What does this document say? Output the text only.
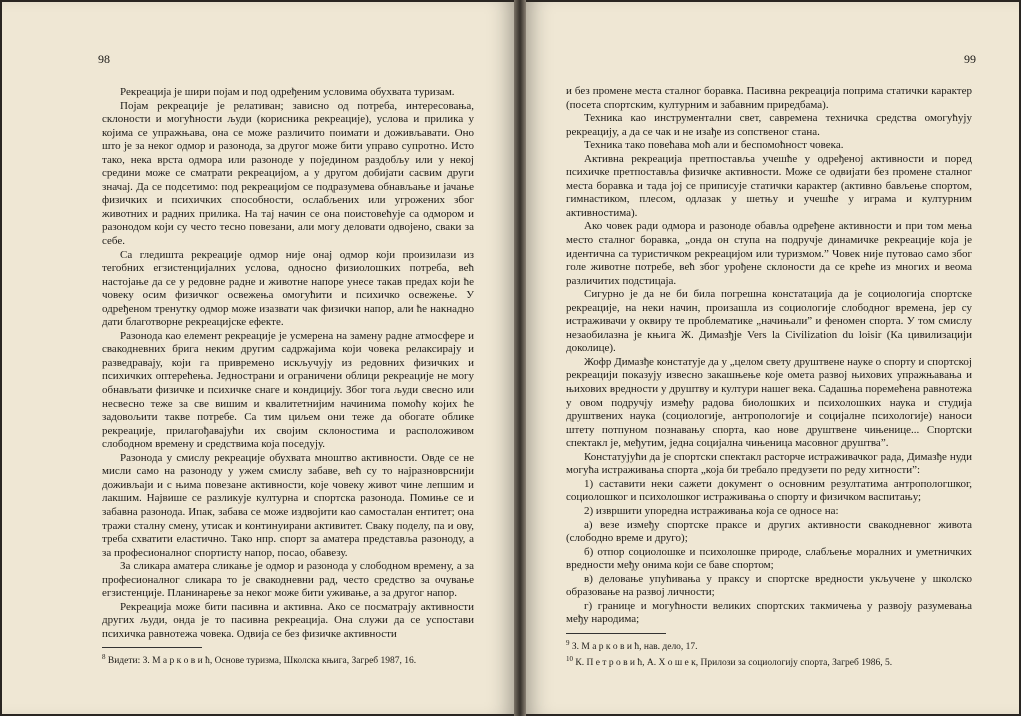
98

Рекреација је шири појам и под одређеним условима обухвата туризам.

Појам рекреације је релативан; зависно од потреба, интересовања, склоности и могућности људи (корисника рекреације), услова и прилика у којима се упражњава, она се може различито поимати и доживљавати. Оно што је за неког одмор и разонода, за другог може бити управо супротно. Исто тако, нека врста одмора или разоноде у поједином раздобљу или у некој средини може се сматрати рекреацијом, а у другом добијати сасвим други значај. Да се подсетимо: под рекреацијом се подразумева обнављање и јачање физичких и психичких способности, ослабљених или угрожених због животних и радних прилика. На тај начин се она поистовећује са одмором и разонодом који су често тесно повезани, али могу деловати одвојено, сваки за себе.

Са гледишта рекреације одмор није онај одмор који произилази из тегобних егзистенцијалних услова, односно физиолошких потреба, већ настојање да се у редовне радне и животне напоре унесе такав предах који ће човеку осим физичког освежења омогућити и психичко освежење. У одређеном тренутку одмор може изазвати чак физички напор, али ће накнадно дати благотворне рекреацијске ефекте.

Разонода као елемент рекреације је усмерена на замену радне атмосфере и свакодневних брига неким другим садржајима који човека релаксирају и разведравају, који га привремено искључују из редовних физичких и психичких оптерећења. Једнострани и ограничени облици рекреације не могу обнављати физичке и психичке снаге и кондицију. Због тога људи свесно или несвесно теже за све вишим и квалитетнијим начинима помоћу којих ће задовољити такве потребе. Са тим циљем они теже да обогате облике рекреације, прилагођавајући их својим склоностима и расположивом слободном времену и средствима која поседују.

Разонода у смислу рекреације обухвата мноштво активности. Овде се не мисли само на разоноду у ужем смислу забаве, већ су то најразноврснији доживљаји и с њима повезане активности, које човеку живот чине лепшим и лакшим. Највише се разликује културна и спортска разонода. Помиње се и забавна разонода. Ипак, забава се може издвојити као самосталан ентитет; она тражи сталну смену, утисак и континуирани активитет. Сваку поделу, па и ову, треба схватити еластично. Тако нпр. спорт за аматера представља разоноду, а за професионалног спортисту напор, посао, обавезу.

За сликара аматера сликање је одмор и разонода у слободном времену, а за професионалног сликара то је свакодневни рад, често средство за очување егзистенције. Планинарење за неког може бити уживање, а за другог напор.

Рекреација може бити пасивна и активна. Ако се посматрају активности других људи, онда је то пасивна рекреација. Она служи да се успостави психичка равнотежа човека. Одвија се без физичке активности

$^8$ Видети: З. М а р к о в и ћ, Основе туризма, Школска књига, Загреб 1987, 16.
99

и без промене места сталног боравка. Пасивна рекреација поприма статички карактер (посета спортским, културним и забавним приредбама).

Техника као инструментални свет, савремена техничка средства омогућују рекреацију, а да се чак и не изађе из сопственог стана.

Техника тако повећава моћ али и беспомоћност човека.

Активна рекреација претпоставља учешће у одређеној активности и поред психичке претпоставља физичке активности. Може се одвијати без промене сталног места боравка и тада јој се приписује статички карактер (активно бављење спортом, гимнастиком, плесом, одлазак у шетњу и учешће у играма и културним активностима).

Ако човек ради одмора и разоноде обавља одређене активности и при том мења место сталног боравка, „онда он ступа на подручје динамичке рекреације која је идентична са туристичком рекреацијом или туризмом.” Човек није путовао само због голе животне потребе, већ због урођене склоности да се креће из многих и веома различитих подстицаја.

Сигурно је да не би била погрешна констатација да је социологија спортске рекреације, на неки начин, произашла из социологије слободног времена, јер су истраживачи у оквиру те проблематике „начињали” и феномен спорта. У том смислу незаобилазна је књига Ж. Димазђје Vers la Civilization du loisir (Ка цивилизацији доколице).

Жофр Димазђе констатује да у „целом свету друштвене науке о спорту и спортској рекреацији показују извесно закашњење које омета развој њихових упражњавања и њихових вредности у друштву и култури нашег века. Садашња поремећена равнотежа у овом подручју између радова биолошких и психолошких наука и студија друштвених наука (социологије, антропологије и социјалне психологије) наноси штету потпуном познавању спорта, као нове друштвене чињенице... Спортски спектакл је, међутим, једна социјална чињеница масовног друштва”.

Констатујући да је спортски спектакл расторче истраживачког рада, Димазђе нуди могућа истраживања спорта „која би требало предузети по реду хитности”:

1) саставити неки сажети документ о основним резултатима антропологшког, социолошког и психолошког истраживања о спорту и физичком васпитању;

2) извршити упоредна истраживања која се односе на:

а) везе између спортске праксе и других активности свакодневног живота (слободно време и друго);

б) отпор социолошке и психолошке природе, слабљење моралних и уметничких вредности међу онима који се баве спортом;

в) деловање упућивања у праксу и спортске вредности укључене у школско образовање на развој личности;

г) границе и могућности великих спортских такмичења у развоју разумевања међу народима;

$^9$ З. М а р к о в и ћ, нав. дело, 17.
$^{10}$ К. П е т р о в и ћ, А. Х о ш е к, Прилози за социологију спорта, Загреб 1986, 5.
